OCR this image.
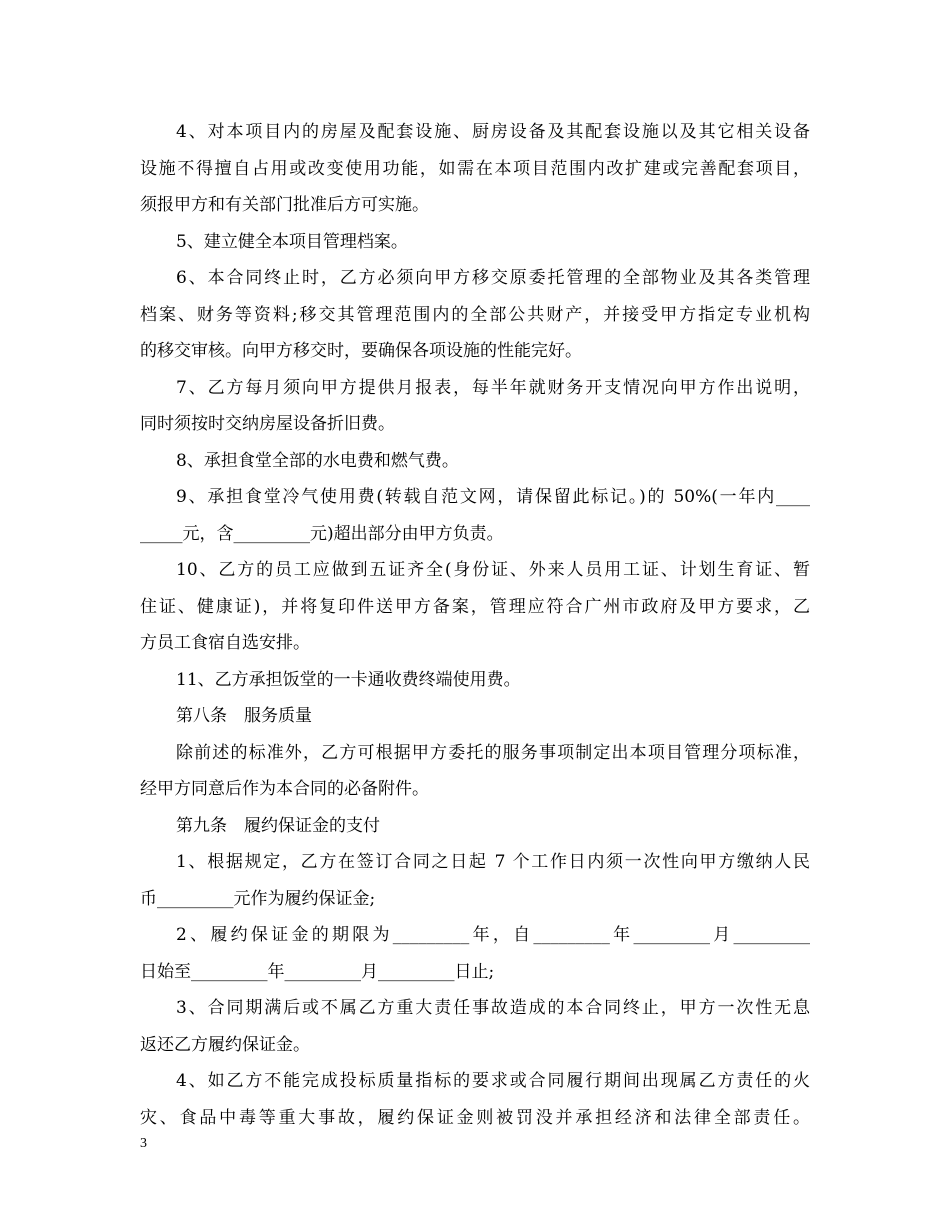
4、对本项目内的房屋及配套设施、厨房设备及其配套设施以及其它相关设备
设施不得擅自占用或改变使用功能，如需在本项目范围内改扩建或完善配套项目，
须报甲方和有关部门批准后方可实施。
5、建立健全本项目管理档案。
6、本合同终止时，乙方必须向甲方移交原委托管理的全部物业及其各类管理
档案、财务等资料;移交其管理范围内的全部公共财产，并接受甲方指定专业机构
的移交审核。向甲方移交时，要确保各项设施的性能完好。
7、乙方每月须向甲方提供月报表，每半年就财务开支情况向甲方作出说明，
同时须按时交纳房屋设备折旧费。
8、承担食堂全部的水电费和燃气费。
9、承担食堂冷气使用费(转载自范文网，请保留此标记。)的 50%(一年内____
_____元，含_________元)超出部分由甲方负责。
10、乙方的员工应做到五证齐全(身份证、外来人员用工证、计划生育证、暂
住证、健康证)，并将复印件送甲方备案，管理应符合广州市政府及甲方要求，乙
方员工食宿自选安排。
11、乙方承担饭堂的一卡通收费终端使用费。
第八条　服务质量
除前述的标准外，乙方可根据甲方委托的服务事项制定出本项目管理分项标准，
经甲方同意后作为本合同的必备附件。
第九条　履约保证金的支付
1、根据规定，乙方在签订合同之日起 7 个工作日内须一次性向甲方缴纳人民
币_________元作为履约保证金;
2、履约保证金的期限为_________年，自_________年_________月_________
日始至_________年_________月_________日止;
3、合同期满后或不属乙方重大责任事故造成的本合同终止，甲方一次性无息
返还乙方履约保证金。
4、如乙方不能完成投标质量指标的要求或合同履行期间出现属乙方责任的火
灾、食品中毒等重大事故，履约保证金则被罚没并承担经济和法律全部责任。
3
